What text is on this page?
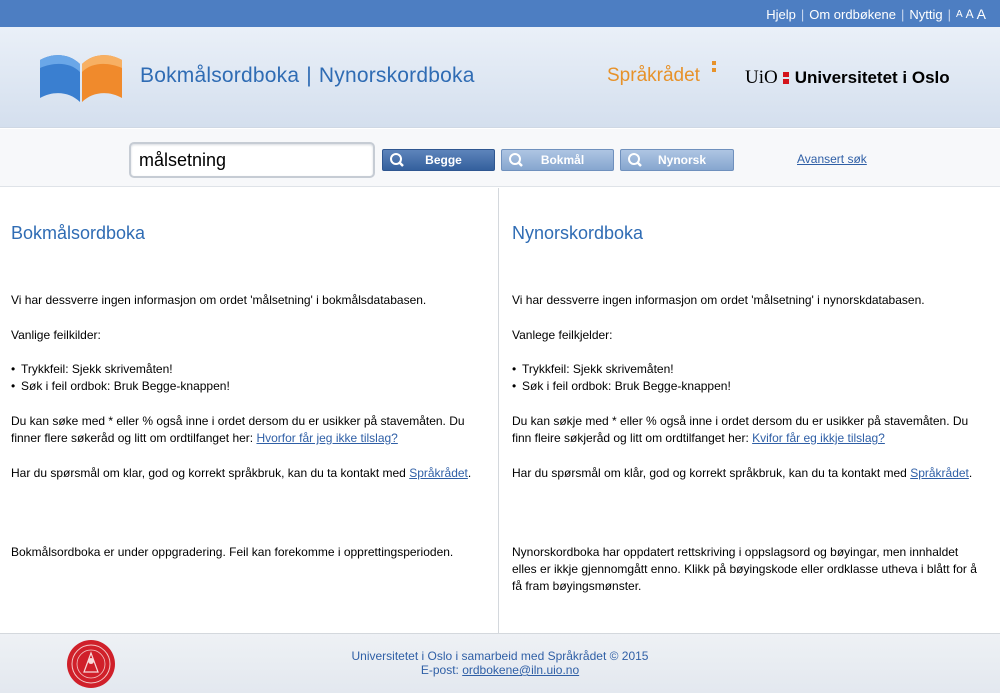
Hjelp | Om ordbøkene | Nyttig | A A A
Bokmålsordboka | Nynorskordboka	Språkrådet UiO Universitetet i Oslo
målsetning
Begge	Bokmål	Nynorsk	Avansert søk
Bokmålsordboka
Vi har dessverre ingen informasjon om ordet 'målsetning' i bokmålsdatabasen.
Vanlige feilkilder:
• Trykkfeil: Sjekk skrivemåten!
• Søk i feil ordbok: Bruk Begge-knappen!
Du kan søke med * eller % også inne i ordet dersom du er usikker på stavemåten. Du finner flere søkeråd og litt om ordtilfanget her: Hvorfor får jeg ikke tilslag?
Har du spørsmål om klar, god og korrekt språkbruk, kan du ta kontakt med Språkrådet.
Bokmålsordboka er under oppgradering. Feil kan forekomme i opprettingsperioden.
Nynorskordboka
Vi har dessverre ingen informasjon om ordet 'målsetning' i nynorskdatabasen.
Vanlege feilkjelder:
• Trykkfeil: Sjekk skrivemåten!
• Søk i feil ordbok: Bruk Begge-knappen!
Du kan søkje med * eller % også inne i ordet dersom du er usikker på stavemåten. Du finn fleire søkjeråd og litt om ordtilfanget her: Kvifor får eg ikkje tilslag?
Har du spørsmål om klår, god og korrekt språkbruk, kan du ta kontakt med Språkrådet.
Nynorskordboka har oppdatert rettskriving i oppslagsord og bøyingar, men innhaldet elles er ikkje gjennomgått enno. Klikk på bøyingskode eller ordklasse utheva i blått for å få fram bøyingsmønster.
Universitetet i Oslo i samarbeid med Språkrådet © 2015
E-post: ordbokene@iln.uio.no
